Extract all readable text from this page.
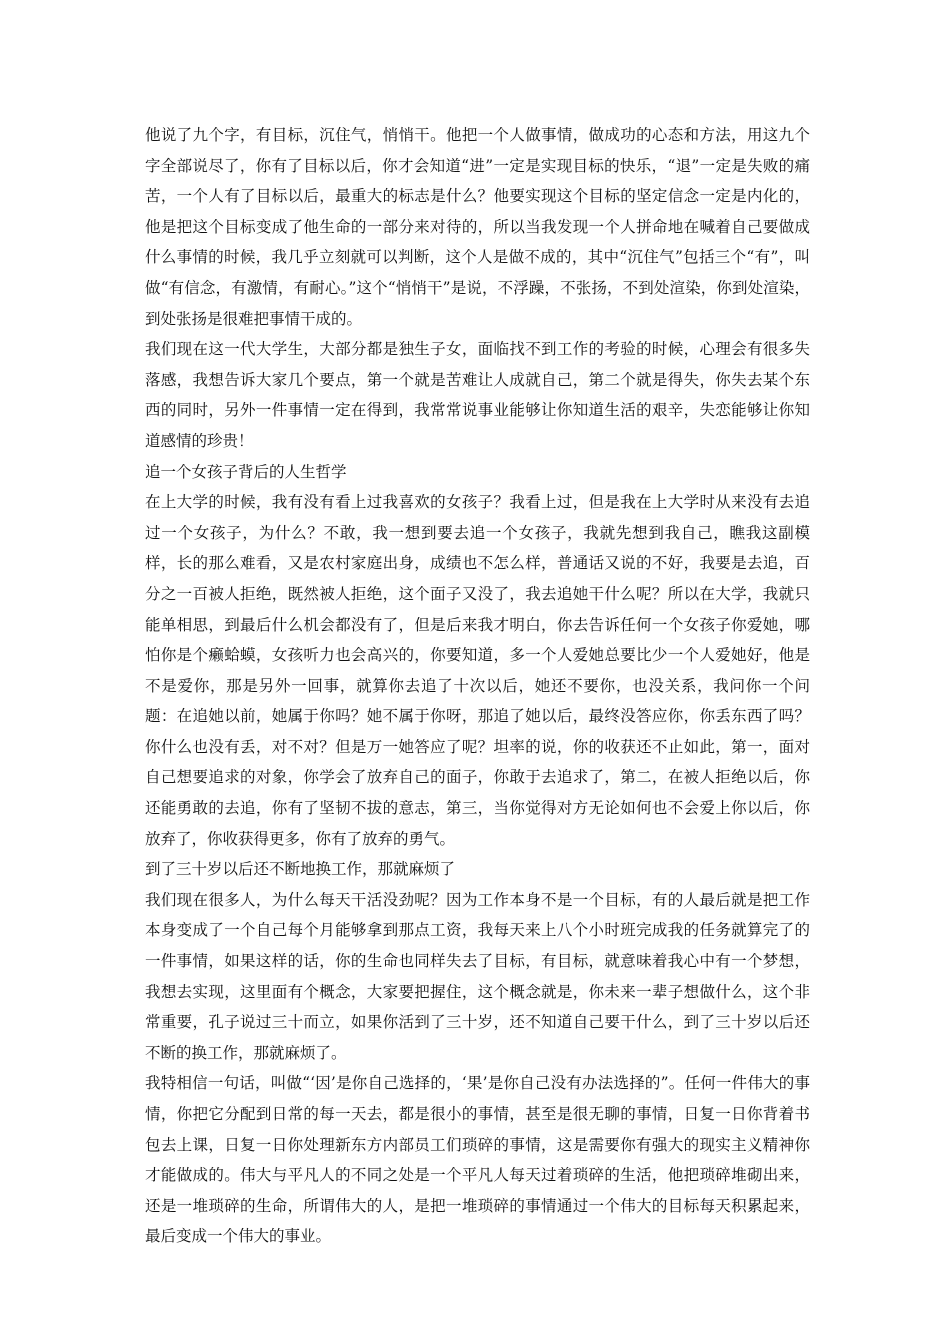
他说了九个字，有目标，沉住气，悄悄干。他把一个人做事情，做成功的心态和方法，用这九个字全部说尽了，你有了目标以后，你才会知道“进”一定是实现目标的快乐，“退”一定是失败的痛苦，一个人有了目标以后，最重大的标志是什么？他要实现这个目标的坚定信念一定是内化的，他是把这个目标变成了他生命的一部分来对待的，所以当我发现一个人拼命地在喊着自己要做成什么事情的时候，我几乎立刻就可以判断，这个人是做不成的，其中“沉住气”包括三个“有”，叫做“有信念，有激情，有耐心。”这个“悄悄干”是说，不浮躁，不张扬，不到处渲染，你到处渲染，到处张扬是很难把事情干成的。

我们现在这一代大学生，大部分都是独生子女，面临找不到工作的考验的时候，心理会有很多失落感，我想告诉大家几个要点，第一个就是苦难让人成就自己，第二个就是得失，你失去某个东西的同时，另外一件事情一定在得到，我常常说事业能够让你知道生活的艰辛，失恋能够让你知道感情的珍贵！

追一个女孩子背后的人生哲学

在上大学的时候，我有没有看上过我喜欢的女孩子？我看上过，但是我在上大学时从来没有去追过一个女孩子，为什么？不敢，我一想到要去追一个女孩子，我就先想到我自己，瞧我这副模样，长的那么难看，又是农村家庭出身，成绩也不怎么样，普通话又说的不好，我要是去追，百分之一百被人拒绝，既然被人拒绝，这个面子又没了，我去追她干什么呢？所以在大学，我就只能单相思，到最后什么机会都没有了，但是后来我才明白，你去告诉任何一个女孩子你爱她，哪怕你是个癞蛤蟆，女孩听力也会高兴的，你要知道，多一个人爱她总要比少一个人爱她好，他是不是爱你，那是另外一回事，就算你去追了十次以后，她还不要你，也没关系，我问你一个问题：在追她以前，她属于你吗？她不属于你呀，那追了她以后，最终没答应你，你丢东西了吗？你什么也没有丢，对不对？但是万一她答应了呢？坦率的说，你的收获还不止如此，第一，面对自己想要追求的对象，你学会了放弃自己的面子，你敢于去追求了，第二，在被人拒绝以后，你还能勇敢的去追，你有了坚韧不拔的意志，第三，当你觉得对方无论如何也不会爱上你以后，你放弃了，你收获得更多，你有了放弃的勇气。

到了三十岁以后还不断地换工作，那就麻烦了

我们现在很多人，为什么每天干活没劲呢？因为工作本身不是一个目标，有的人最后就是把工作本身变成了一个自己每个月能够拿到那点工资，我每天来上八个小时班完成我的任务就算完了的一件事情，如果这样的话，你的生命也同样失去了目标，有目标，就意味着我心中有一个梦想，我想去实现，这里面有个概念，大家要把握住，这个概念就是，你未来一辈子想做什么，这个非常重要，孔子说过三十而立，如果你活到了三十岁，还不知道自己要干什么，到了三十岁以后还不断的换工作，那就麻烦了。

我特相信一句话，叫做“‘因’是你自己选择的，‘果’是你自己没有办法选择的”。任何一件伟大的事情，你把它分配到日常的每一天去，都是很小的事情，甚至是很无聊的事情，日复一日你背着书包去上课，日复一日你处理新东方内部员工们琐碎的事情，这是需要你有强大的现实主义精神你才能做成的。伟大与平凡人的不同之处是一个平凡人每天过着琐碎的生活，他把琐碎堆砌出来，还是一堆琐碎的生命，所谓伟大的人，是把一堆琐碎的事情通过一个伟大的目标每天积累起来，最后变成一个伟大的事业。
